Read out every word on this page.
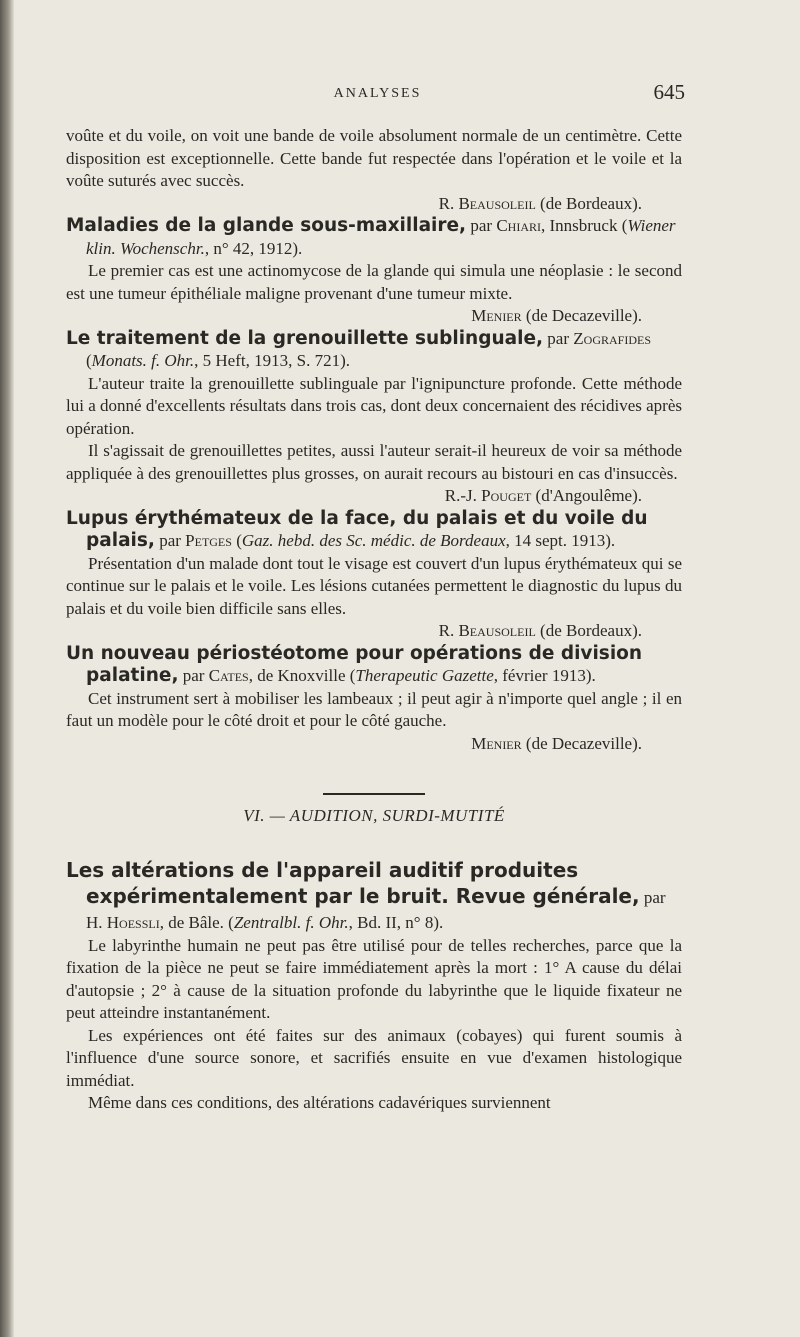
ANALYSES	645

voûte et du voile, on voit une bande de voile absolument normale de un centimètre. Cette disposition est exceptionnelle. Cette bande fut respectée dans l'opération et le voile et la voûte suturés avec succès.

R. Beausoleil (de Bordeaux).

Maladies de la glande sous-maxillaire, par Chiari, Innsbruck (Wiener klin. Wochenschr., n° 42, 1912).

Le premier cas est une actinomycose de la glande qui simula une néoplasie : le second est une tumeur épithéliale maligne provenant d'une tumeur mixte.

Menier (de Decazeville).

Le traitement de la grenouillette sublinguale, par Zografides (Monats. f. Ohr., 5 Heft, 1913, S. 721).

L'auteur traite la grenouillette sublinguale par l'ignipuncture profonde. Cette méthode lui a donné d'excellents résultats dans trois cas, dont deux concernaient des récidives après opération.

Il s'agissait de grenouillettes petites, aussi l'auteur serait-il heureux de voir sa méthode appliquée à des grenouillettes plus grosses, on aurait recours au bistouri en cas d'insuccès.

R.-J. Pouget (d'Angoulême).

Lupus érythémateux de la face, du palais et du voile du palais, par Petges (Gaz. hebd. des Sc. médic. de Bordeaux, 14 sept. 1913).

Présentation d'un malade dont tout le visage est couvert d'un lupus érythémateux qui se continue sur le palais et le voile. Les lésions cutanées permettent le diagnostic du lupus du palais et du voile bien difficile sans elles.

R. Beausoleil (de Bordeaux).

Un nouveau périostéotome pour opérations de division palatine, par Cates, de Knoxville (Therapeutic Gazette, février 1913).

Cet instrument sert à mobiliser les lambeaux ; il peut agir à n'importe quel angle ; il en faut un modèle pour le côté droit et pour le côté gauche.

Menier (de Decazeville).

VI. — AUDITION, SURDI-MUTITÉ

Les altérations de l'appareil auditif produites expérimentalement par le bruit. Revue générale, par H. Hoessli, de Bâle. (Zentralbl. f. Ohr., Bd. II, n° 8).

Le labyrinthe humain ne peut pas être utilisé pour de telles recherches, parce que la fixation de la pièce ne peut se faire immédiatement après la mort : 1° A cause du délai d'autopsie ; 2° à cause de la situation profonde du labyrinthe que le liquide fixateur ne peut atteindre instantanément.

Les expériences ont été faites sur des animaux (cobayes) qui furent soumis à l'influence d'une source sonore, et sacrifiés ensuite en vue d'examen histologique immédiat.

Même dans ces conditions, des altérations cadavériques surviennent
